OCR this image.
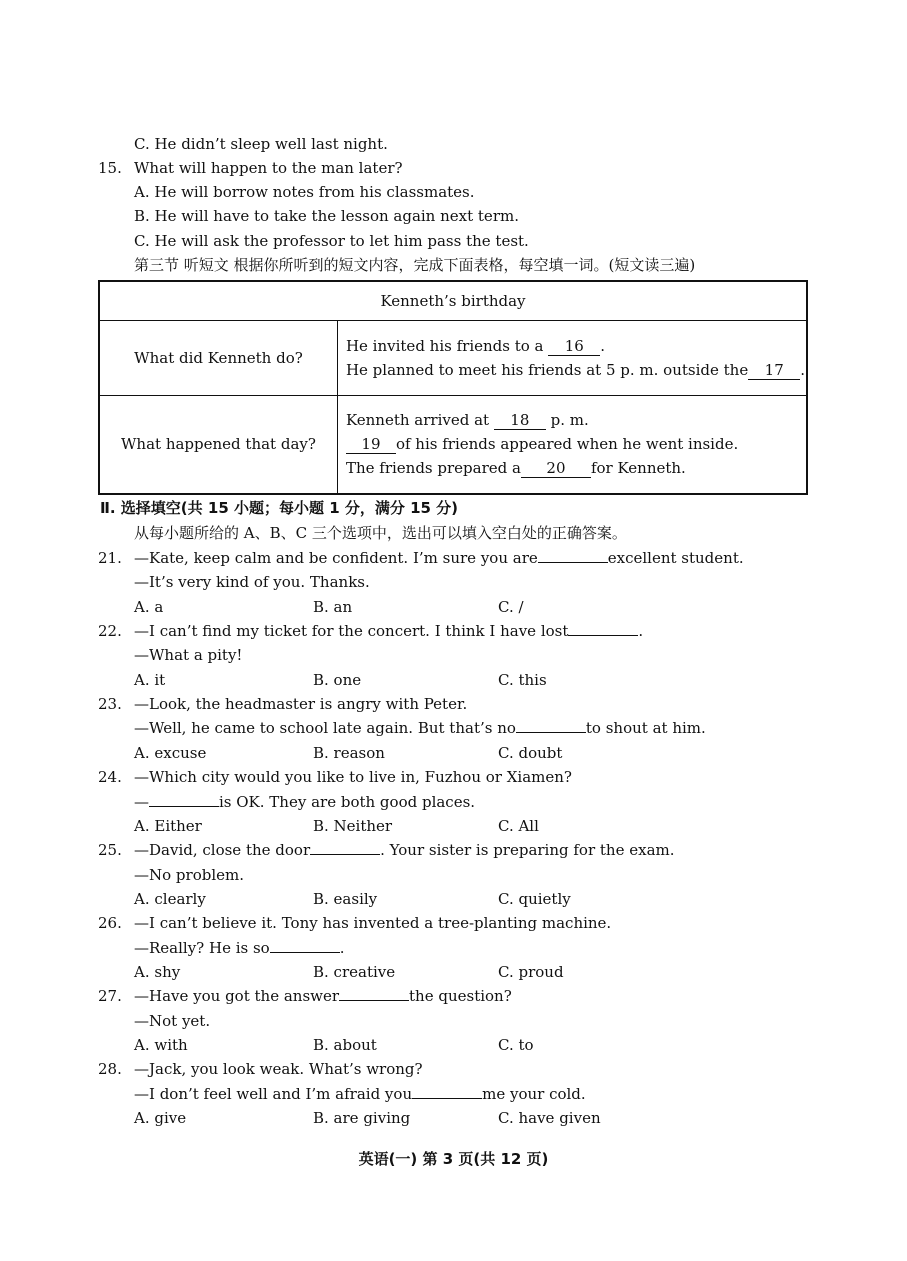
C. He didn’t sleep well last night.
15. What will happen to the man later?
A. He will borrow notes from his classmates.
B. He will have to take the lesson again next term.
C. He will ask the professor to let him pass the test.
第三节 听短文 根据你所听到的短文内容，完成下面表格，每空填一词。(短文读三遍)
Kenneth’s birthday	
What did Kenneth do?	He invited his friends to a 16 .
He planned to meet his friends at 5 p. m. outside the 17 .

What happened that day?	Kenneth arrived at 18 p. m.
19 of his friends appeared when he went inside.
The friends prepared a 20 for Kenneth.
Ⅱ. 选择填空(共 15 小题；每小题 1 分，满分 15 分)
从每小题所给的 A、B、C 三个选项中，选出可以填入空白处的正确答案。
21. —Kate, keep calm and be confident. I’m sure you are	excellent student.
—It’s very kind of you. Thanks.
A. a	B. an	C. /
22. —I can’t find my ticket for the concert. I think I have lost	.
—What a pity!
A. it	B. one	C. this
23. —Look, the headmaster is angry with Peter.
—Well, he came to school late again. But that’s no	to shout at him.
A. excuse	B. reason	C. doubt
24. —Which city would you like to live in, Fuzhou or Xiamen?
—	is OK. They are both good places.
A. Either	B. Neither	C. All
25. —David, close the door	. Your sister is preparing for the exam.
—No problem.
A. clearly	B. easily	C. quietly
26. —I can’t believe it. Tony has invented a tree-planting machine.
—Really? He is so	.
A. shy	B. creative	C. proud
27. —Have you got the answer	the question?
—Not yet.
A. with	B. about	C. to
28. —Jack, you look weak. What’s wrong?
—I don’t feel well and I’m afraid you	me your cold.
A. give	B. are giving	C. have given
英语(一) 第 3 页(共 12 页)
